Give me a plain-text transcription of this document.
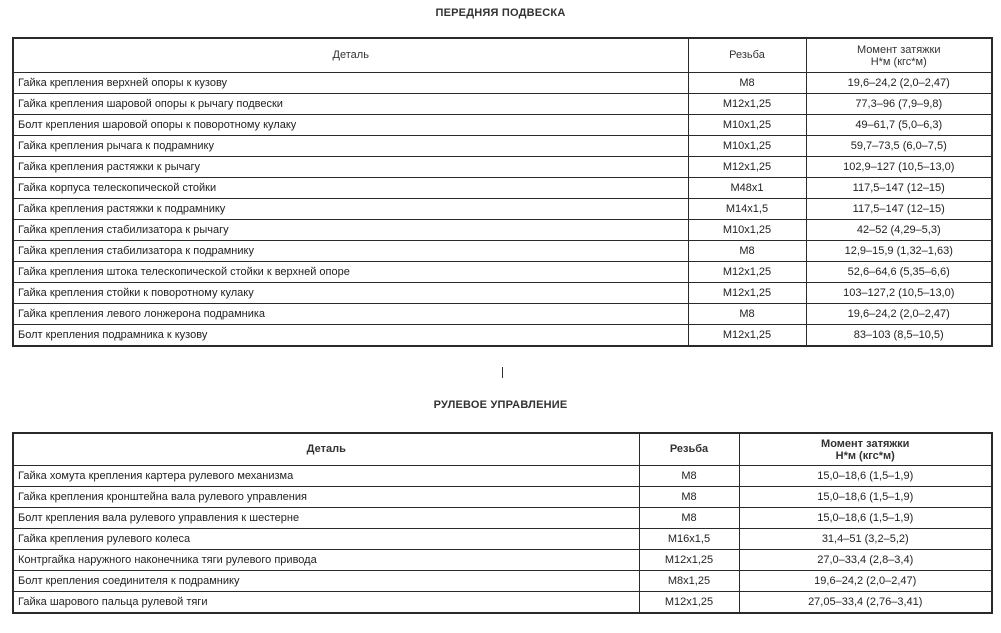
ПЕРЕДНЯЯ ПОДВЕСКА
Деталь	Резьба	Момент затяжки
Н*м (кгс*м)

Гайка крепления верхней опоры к кузову	М8	19,6–24,2 (2,0–2,47)
Гайка крепления шаровой опоры к рычагу подвески	М12x1,25	77,3–96 (7,9–9,8)
Болт крепления шаровой опоры к поворотному кулаку	М10x1,25	49–61,7 (5,0–6,3)
Гайка крепления рычага к подрамнику	М10x1,25	59,7–73,5 (6,0–7,5)
Гайка крепления растяжки к рычагу	М12x1,25	102,9–127 (10,5–13,0)
Гайка корпуса телескопической стойки	М48x1	117,5–147 (12–15)
Гайка крепления растяжки к подрамнику	М14x1,5	117,5–147 (12–15)
Гайка крепления стабилизатора к рычагу	М10x1,25	42–52 (4,29–5,3)
Гайка крепления стабилизатора к подрамнику	М8	12,9–15,9 (1,32–1,63)
Гайка крепления штока телескопической стойки к верхней опоре	М12x1,25	52,6–64,6 (5,35–6,6)
Гайка крепления стойки к поворотному кулаку	М12x1,25	103–127,2 (10,5–13,0)
Гайка крепления левого лонжерона подрамника	М8	19,6–24,2 (2,0–2,47)
Болт крепления подрамника к кузову	М12x1,25	83–103 (8,5–10,5)
РУЛЕВОЕ УПРАВЛЕНИЕ
Деталь	Резьба	Момент затяжки
Н*м (кгс*м)

Гайка хомута крепления картера рулевого механизма	М8	15,0–18,6 (1,5–1,9)
Гайка крепления кронштейна вала рулевого управления	М8	15,0–18,6 (1,5–1,9)
Болт крепления вала рулевого управления к шестерне	М8	15,0–18,6 (1,5–1,9)
Гайка крепления рулевого колеса	М16x1,5	31,4–51 (3,2–5,2)
Контргайка наружного наконечника тяги рулевого привода	М12x1,25	27,0–33,4 (2,8–3,4)
Болт крепления соединителя к подрамнику	М8x1,25	19,6–24,2 (2,0–2,47)
Гайка шарового пальца рулевой тяги	М12x1,25	27,05–33,4 (2,76–3,41)
